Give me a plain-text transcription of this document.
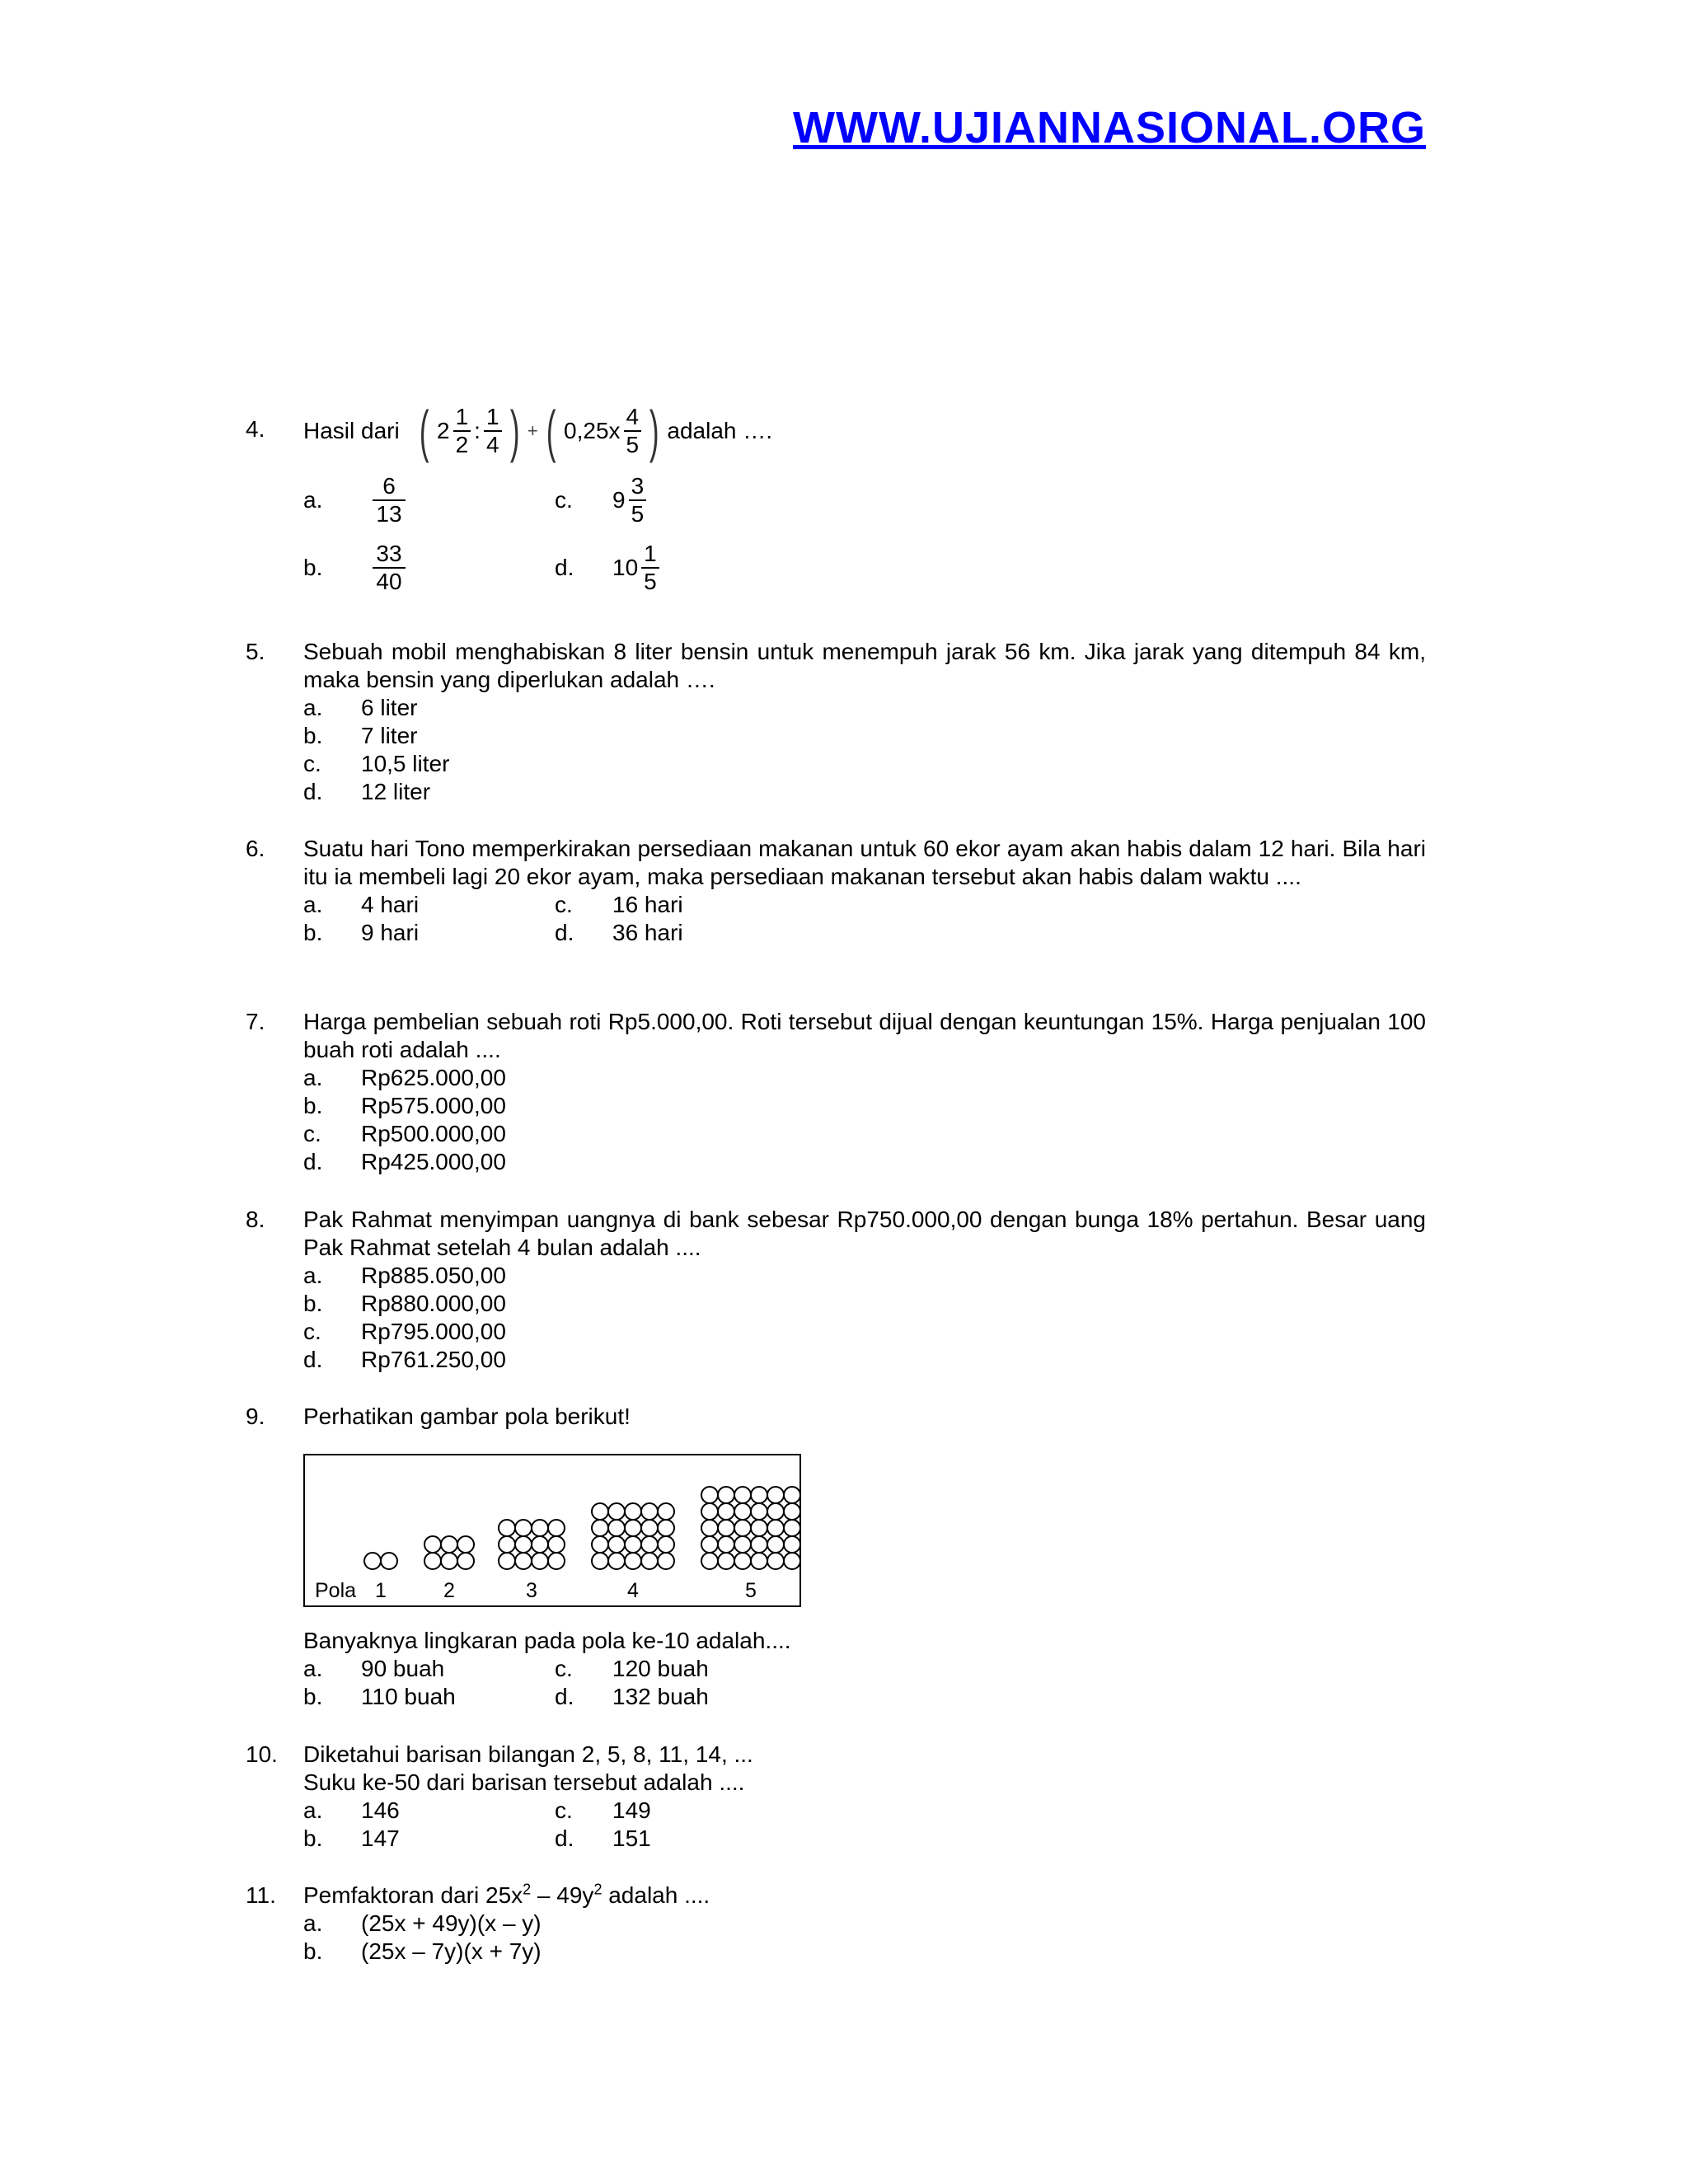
WWW.UJIANNASIONAL.ORG
4.	Hasil dari ( $2 \frac{1}{2}$ : $\frac{1}{4}$ ) + ( $0,25x \frac{4}{5}$ ) adalah ….
a.	$\frac{6}{13}$	c.	$9 \frac{3}{5}$
b.	$\frac{33}{40}$	d.	$10 \frac{1}{5}$
5.	Sebuah mobil menghabiskan 8 liter bensin untuk menempuh jarak 56 km. Jika jarak yang ditempuh 84 km, maka bensin yang diperlukan adalah ….
a. 6 liter
b. 7 liter
c. 10,5 liter
d. 12 liter
6.	Suatu hari Tono memperkirakan persediaan makanan untuk 60 ekor ayam akan habis dalam 12 hari. Bila hari itu ia membeli lagi 20 ekor ayam, maka persediaan makanan tersebut akan habis dalam waktu ....
a. 4 hari	c. 16 hari
b. 9 hari	d. 36 hari
7.	Harga pembelian sebuah roti Rp5.000,00. Roti tersebut dijual dengan keuntungan 15%. Harga penjualan 100 buah roti adalah ....
a. Rp625.000,00
b. Rp575.000,00
c. Rp500.000,00
d. Rp425.000,00
8.	Pak Rahmat menyimpan uangnya di bank sebesar Rp750.000,00 dengan bunga 18% pertahun. Besar uang Pak Rahmat setelah 4 bulan adalah ....
a. Rp885.050,00
b. Rp880.000,00
c. Rp795.000,00
d. Rp761.250,00
9.	Perhatikan gambar pola berikut!
Pola 1	2	3	4	5
Banyaknya lingkaran pada pola ke-10 adalah....
a. 90 buah	c. 120 buah
b. 110 buah	d. 132 buah
10.	Diketahui barisan bilangan 2, 5, 8, 11, 14, ...
Suku ke-50 dari barisan tersebut adalah ....
a. 146	c. 149
b. 147	d. 151
11.	Pemfaktoran dari $25x^2 - 49y^2$ adalah ....
a. (25x + 49y)(x – y)
b. (25x – 7y)(x + 7y)
